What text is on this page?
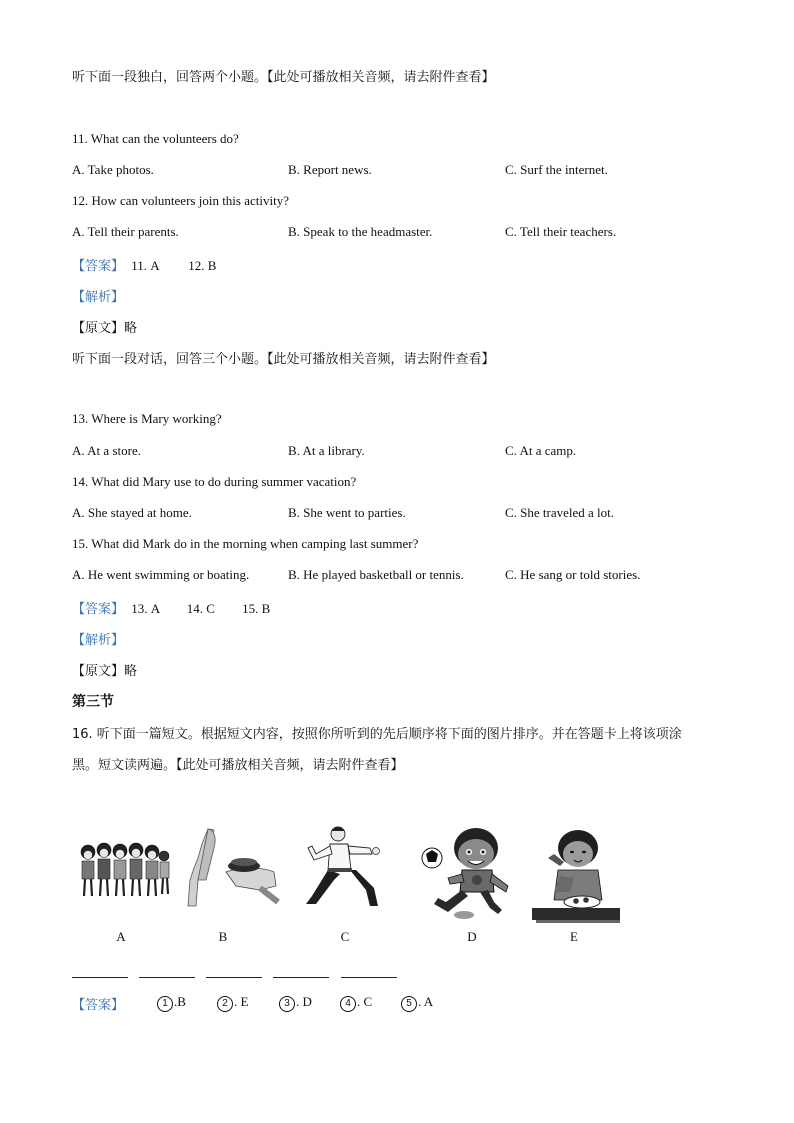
听下面一段独白，回答两个小题。【此处可播放相关音频，请去附件查看】
11. What can the volunteers do?
A. Take photos.	B. Report news.	C. Surf the internet.
12. How can volunteers join this activity?
A. Tell their parents.	B. Speak to the headmaster.	C. Tell their teachers.
【答案】 11. A 12. B
【解析】
【原文】略
听下面一段对话，回答三个小题。【此处可播放相关音频，请去附件查看】
13. Where is Mary working?
A. At a store.	B. At a library.	C. At a camp.
14. What did Mary use to do during summer vacation?
A. She stayed at home.	B. She went to parties.	C. She traveled a lot.
15. What did Mark do in the morning when camping last summer?
A. He went swimming or boating.	B. He played basketball or tennis.	C. He sang or told stories.
【答案】 13. A 14. C 15. B
【解析】
【原文】略
第三节
16. 听下面一篇短文。根据短文内容，按照你所听到的先后顺序将下面的图片排序。并在答题卡上将该项涂
黑。短文读两遍。【此处可播放相关音频，请去附件查看】
A	B	C	D	E
【答案】	1 .B	2 . E	3 . D	4 . C	5 . A
